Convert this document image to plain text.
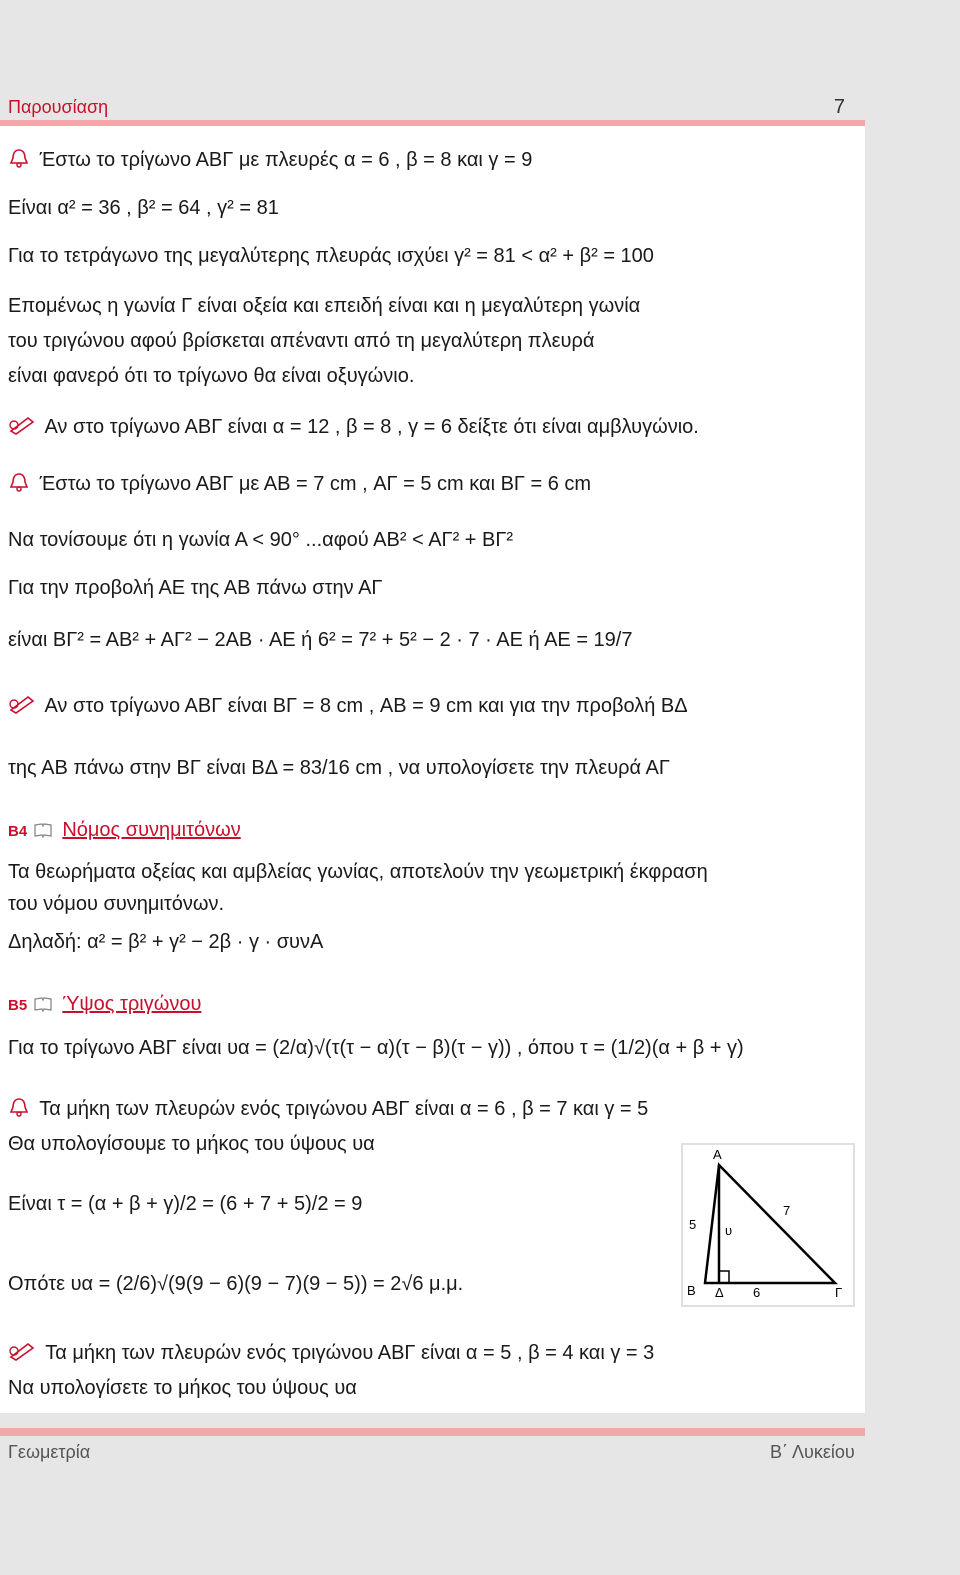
Παρουσίαση	7
Έστω το τρίγωνο ΑΒΓ με πλευρές α = 6 , β = 8 και γ = 9
Είναι α² = 36 , β² = 64 , γ² = 81
Για το τετράγωνο της μεγαλύτερης πλευράς ισχύει γ² = 81 < α² + β² = 100
Επομένως η γωνία Γ είναι οξεία και επειδή είναι και η μεγαλύτερη γωνία
του τριγώνου αφού βρίσκεται απέναντι από τη μεγαλύτερη πλευρά
είναι φανερό ότι το τρίγωνο θα είναι οξυγώνιο.
Αν στο τρίγωνο ΑΒΓ είναι α = 12 , β = 8 , γ = 6 δείξτε ότι είναι αμβλυγώνιο.
Έστω το τρίγωνο ΑΒΓ με ΑΒ = 7 cm , ΑΓ = 5 cm και ΒΓ = 6 cm
Να τονίσουμε ότι η γωνία Α < 90° ...αφού ΑΒ² < ΑΓ² + ΒΓ²
Για την προβολή ΑΕ της ΑΒ πάνω στην ΑΓ
είναι ΒΓ² = ΑΒ² + ΑΓ² − 2ΑΒ · ΑΕ ή 6² = 7² + 5² − 2 · 7 · ΑΕ ή ΑΕ = 19/7
Αν στο τρίγωνο ΑΒΓ είναι ΒΓ = 8 cm , ΑΒ = 9 cm και για την προβολή ΒΔ
της ΑΒ πάνω στην ΒΓ είναι ΒΔ = 83/16 cm , να υπολογίσετε την πλευρά ΑΓ
Β4 Νόμος συνημιτόνων
Τα θεωρήματα οξείας και αμβλείας γωνίας, αποτελούν την γεωμετρική έκφραση
του νόμου συνημιτόνων.
Δηλαδή: α² = β² + γ² − 2β · γ · συνΑ
Β5 Ύψος τριγώνου
Για το τρίγωνο ΑΒΓ είναι υα = (2/α)√(τ(τ − α)(τ − β)(τ − γ)) , όπου τ = (1/2)(α + β + γ)
Τα μήκη των πλευρών ενός τριγώνου ΑΒΓ είναι α = 6 , β = 7 και γ = 5
Θα υπολογίσουμε το μήκος του ύψους υα
Είναι τ = (α + β + γ)/2 = (6 + 7 + 5)/2 = 9
Οπότε υα = (2/6)√(9(9 − 6)(9 − 7)(9 − 5)) = 2√6 μ.μ.
Τα μήκη των πλευρών ενός τριγώνου ΑΒΓ είναι α = 5 , β = 4 και γ = 3
Να υπολογίσετε το μήκος του ύψους υα
Α
Β Δ	Γ
5
7
6
υ
Γεωμετρία	Β΄ Λυκείου
